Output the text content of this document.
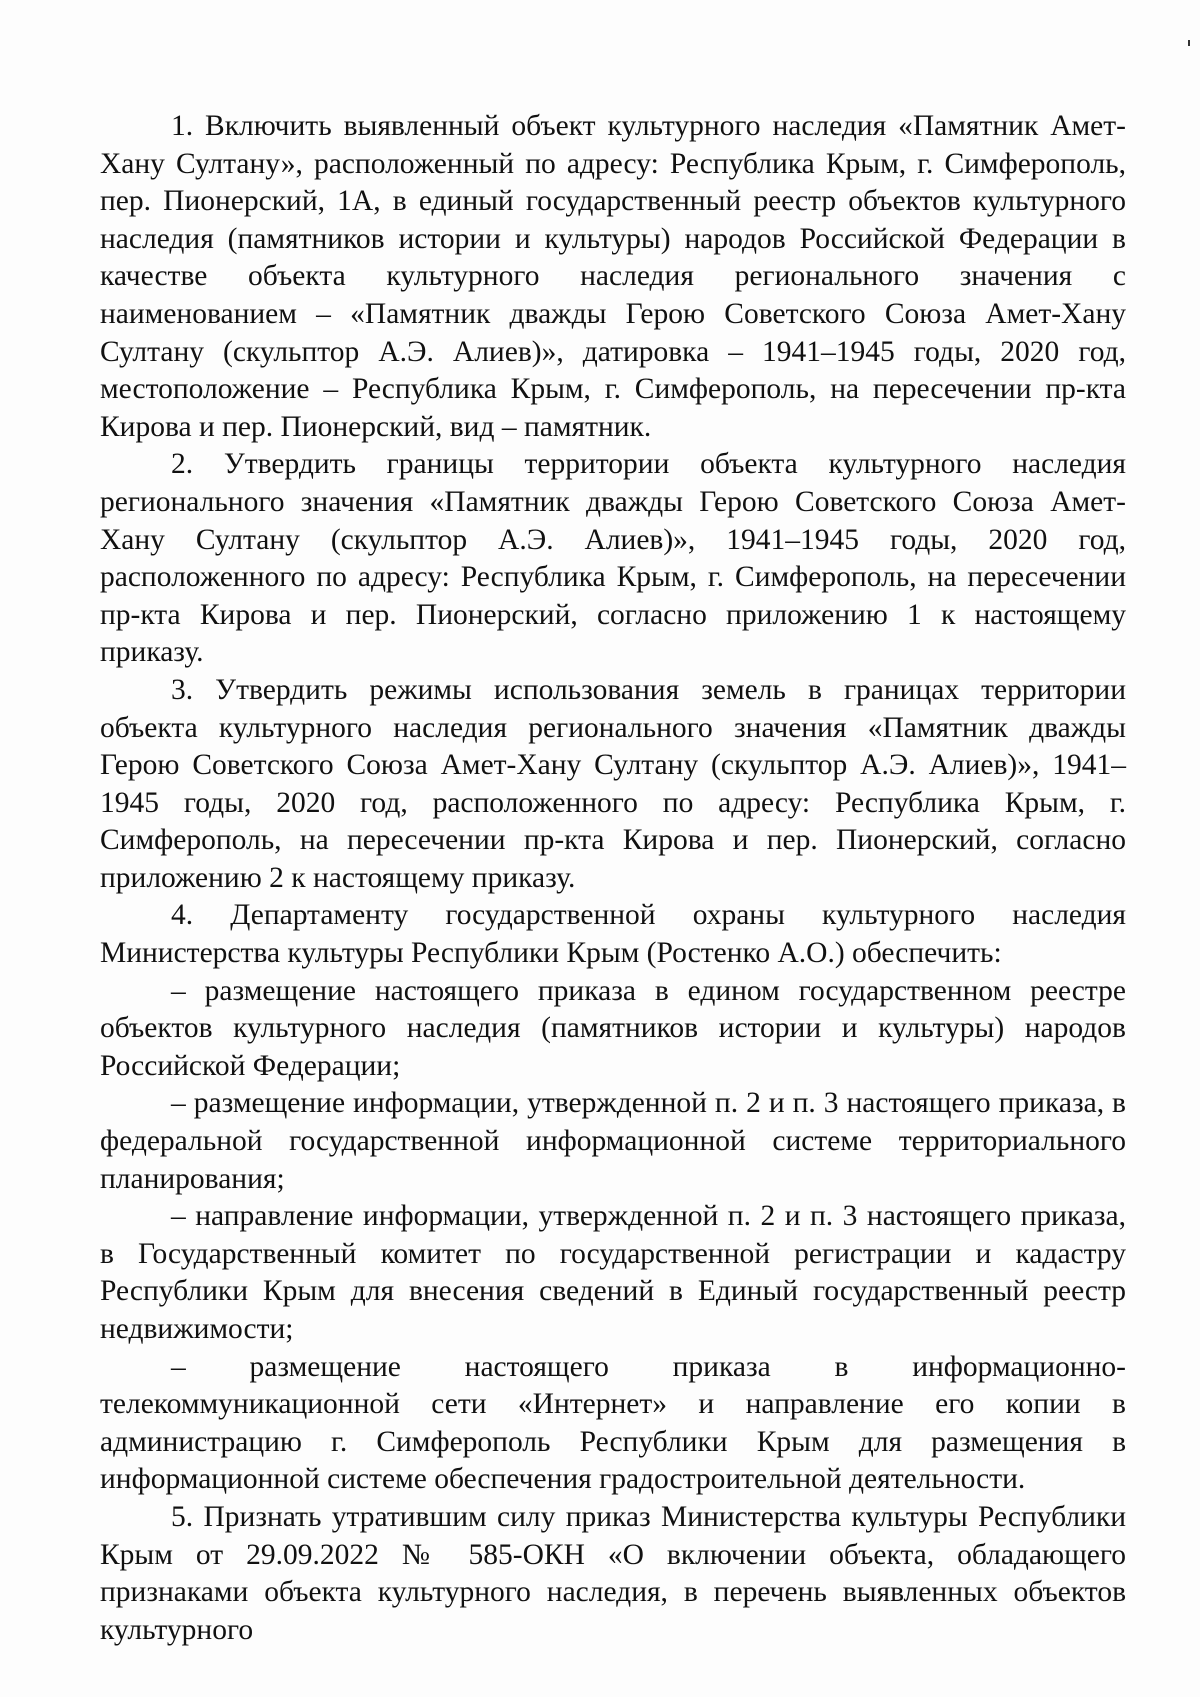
1. Включить выявленный объект культурного наследия «Памятник Амет-Хану Султану», расположенный по адресу: Республика Крым, г. Симферополь, пер. Пионерский, 1А, в единый государственный реестр объектов культурного наследия (памятников истории и культуры) народов Российской Федерации в качестве объекта культурного наследия регионального значения с наименованием – «Памятник дважды Герою Советского Союза Амет-Хану Султану (скульптор А.Э. Алиев)», датировка – 1941–1945 годы, 2020 год, местоположение – Республика Крым, г. Симферополь, на пересечении пр-кта Кирова и пер. Пионерский, вид – памятник.

2. Утвердить границы территории объекта культурного наследия регионального значения «Памятник дважды Герою Советского Союза Амет-Хану Султану (скульптор А.Э. Алиев)», 1941–1945 годы, 2020 год, расположенного по адресу: Республика Крым, г. Симферополь, на пересечении пр-кта Кирова и пер. Пионерский, согласно приложению 1 к настоящему приказу.

3. Утвердить режимы использования земель в границах территории объекта культурного наследия регионального значения «Памятник дважды Герою Советского Союза Амет-Хану Султану (скульптор А.Э. Алиев)», 1941–1945 годы, 2020 год, расположенного по адресу: Республика Крым, г. Симферополь, на пересечении пр-кта Кирова и пер. Пионерский, согласно приложению 2 к настоящему приказу.

4. Департаменту государственной охраны культурного наследия Министерства культуры Республики Крым (Ростенко А.О.) обеспечить:

– размещение настоящего приказа в едином государственном реестре объектов культурного наследия (памятников истории и культуры) народов Российской Федерации;

– размещение информации, утвержденной п. 2 и п. 3 настоящего приказа, в федеральной государственной информационной системе территориального планирования;

– направление информации, утвержденной п. 2 и п. 3 настоящего приказа, в Государственный комитет по государственной регистрации и кадастру Республики Крым для внесения сведений в Единый государственный реестр недвижимости;

– размещение настоящего приказа в информационно-телекоммуникационной сети «Интернет» и направление его копии в администрацию г. Симферополь Республики Крым для размещения в информационной системе обеспечения градостроительной деятельности.

5. Признать утратившим силу приказ Министерства культуры Республики Крым от 29.09.2022 № 585-ОКН «О включении объекта, обладающего признаками объекта культурного наследия, в перечень выявленных объектов культурного
